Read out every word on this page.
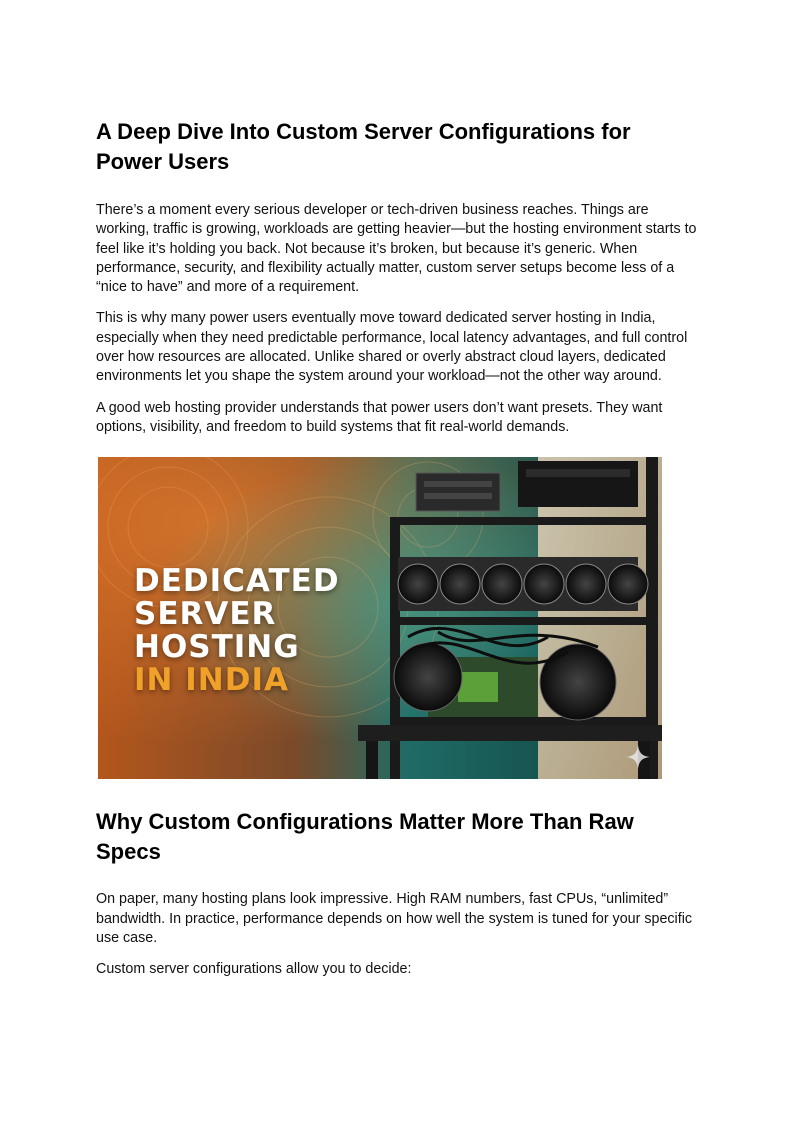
A Deep Dive Into Custom Server Configurations for Power Users

There’s a moment every serious developer or tech-driven business reaches. Things are working, traffic is growing, workloads are getting heavier—but the hosting environment starts to feel like it’s holding you back. Not because it’s broken, but because it’s generic. When performance, security, and flexibility actually matter, custom server setups become less of a “nice to have” and more of a requirement.

This is why many power users eventually move toward dedicated server hosting in India, especially when they need predictable performance, local latency advantages, and full control over how resources are allocated. Unlike shared or overly abstract cloud layers, dedicated environments let you shape the system around your workload—not the other way around.

A good web hosting provider understands that power users don’t want presets. They want options, visibility, and freedom to build systems that fit real-world demands.

DEDICATED
SERVER
HOSTING
IN INDIA
Why Custom Configurations Matter More Than Raw Specs

On paper, many hosting plans look impressive. High RAM numbers, fast CPUs, “unlimited” bandwidth. In practice, performance depends on how well the system is tuned for your specific use case.

Custom server configurations allow you to decide:
